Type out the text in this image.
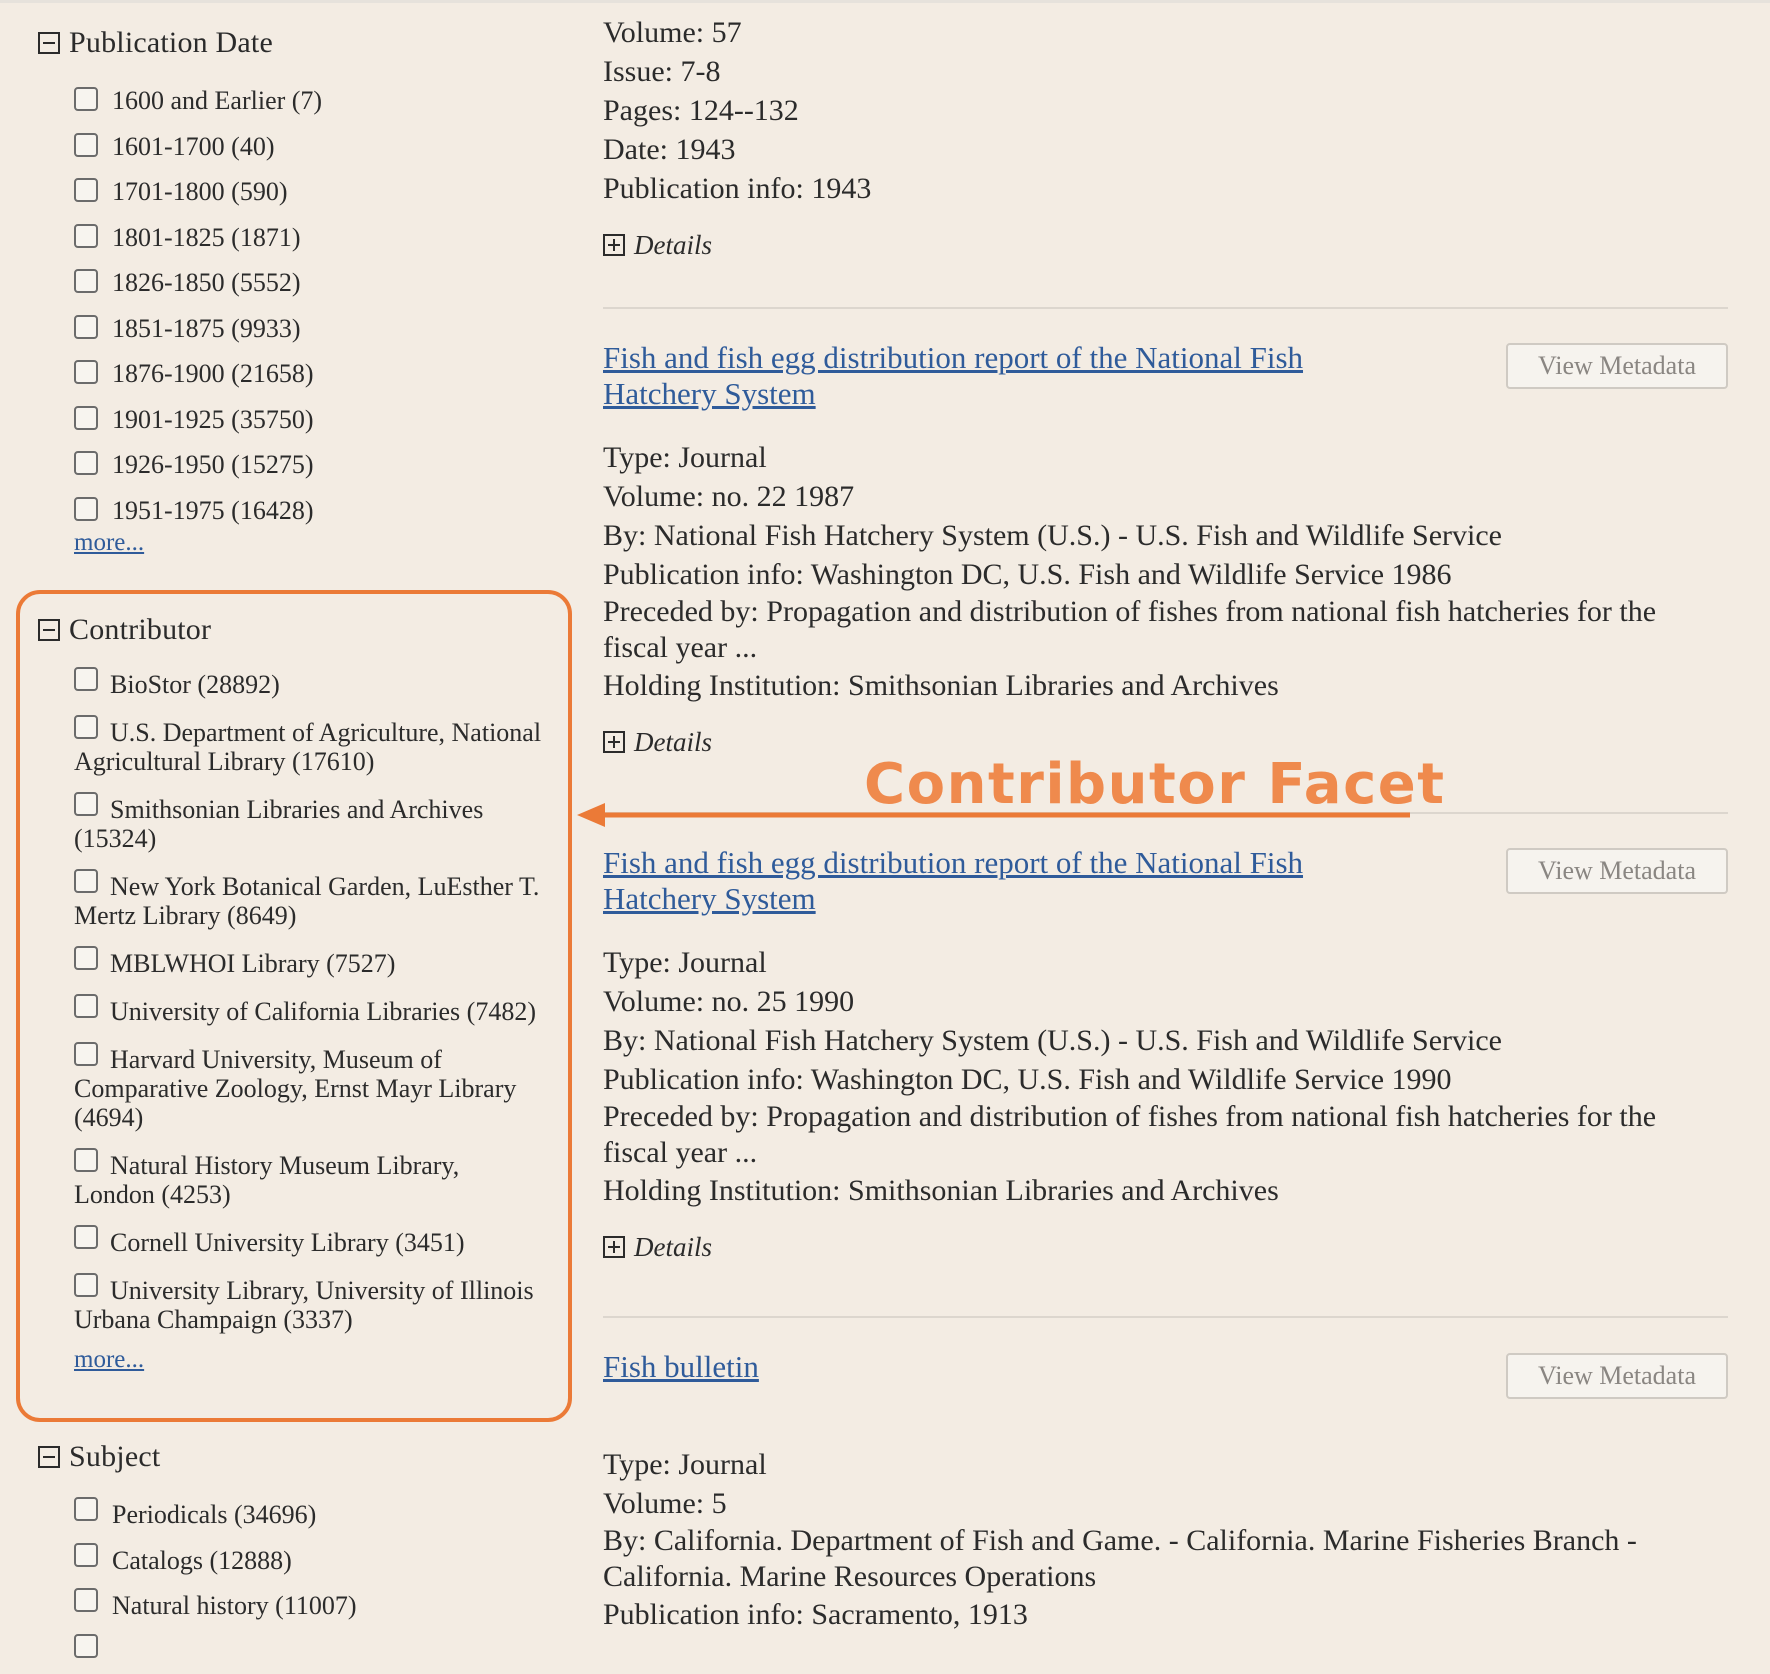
Publication Date
1600 and Earlier (7)
1601-1700 (40)
1701-1800 (590)
1801-1825 (1871)
1826-1850 (5552)
1851-1875 (9933)
1876-1900 (21658)
1901-1925 (35750)
1926-1950 (15275)
1951-1975 (16428)
more...
Contributor
BioStor (28892)
U.S. Department of Agriculture, National Agricultural Library (17610)
Smithsonian Libraries and Archives (15324)
New York Botanical Garden, LuEsther T. Mertz Library (8649)
MBLWHOI Library (7527)
University of California Libraries (7482)
Harvard University, Museum of Comparative Zoology, Ernst Mayr Library (4694)
Natural History Museum Library, London (4253)
Cornell University Library (3451)
University Library, University of Illinois Urbana Champaign (3337)
more...
Subject
Periodicals (34696)
Catalogs (12888)
Natural history (11007)
Volume: 57
Issue: 7-8
Pages: 124--132
Date: 1943
Publication info: 1943
Details
Fish and fish egg distribution report of the National Fish Hatchery System
View Metadata
Type: Journal
Volume: no. 22 1987
By: National Fish Hatchery System (U.S.) - U.S. Fish and Wildlife Service
Publication info: Washington DC, U.S. Fish and Wildlife Service 1986
Preceded by: Propagation and distribution of fishes from national fish hatcheries for the fiscal year ...
Holding Institution: Smithsonian Libraries and Archives
Details
Fish and fish egg distribution report of the National Fish Hatchery System
View Metadata
Type: Journal
Volume: no. 25 1990
By: National Fish Hatchery System (U.S.) - U.S. Fish and Wildlife Service
Publication info: Washington DC, U.S. Fish and Wildlife Service 1990
Preceded by: Propagation and distribution of fishes from national fish hatcheries for the fiscal year ...
Holding Institution: Smithsonian Libraries and Archives
Details
Fish bulletin	View Metadata
Type: Journal
Volume: 5
By: California. Department of Fish and Game. - California. Marine Fisheries Branch - California. Marine Resources Operations
Publication info: Sacramento, 1913
Contributor Facet
